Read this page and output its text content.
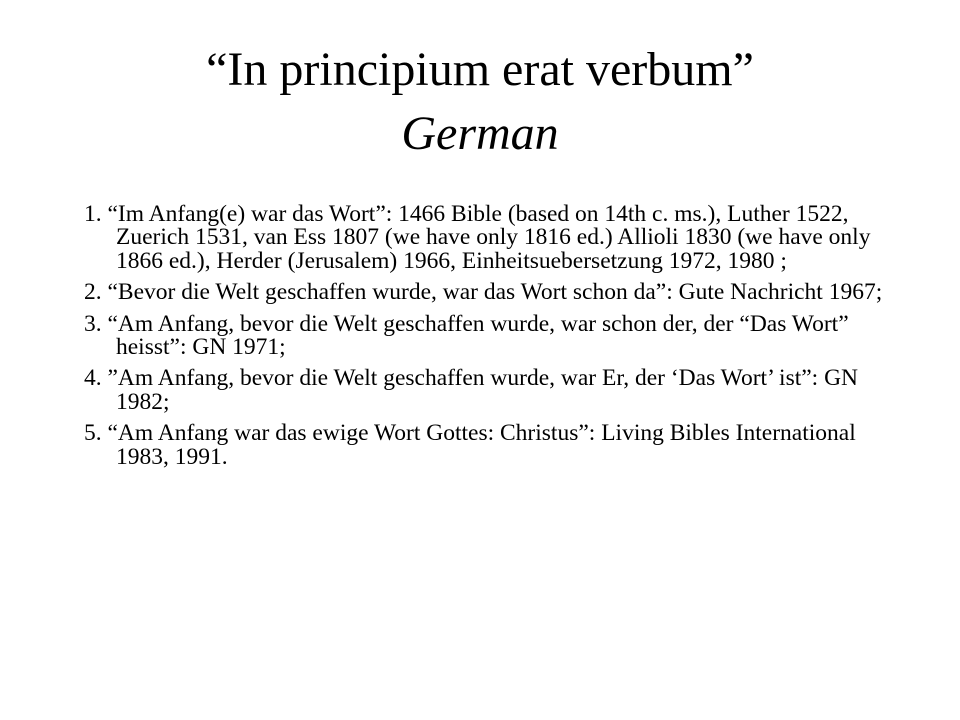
“In principium erat verbum”
German
1. “Im Anfang(e) war das Wort”: 1466 Bible (based on 14th c. ms.), Luther 1522, Zuerich 1531, van Ess 1807 (we have only 1816 ed.) Allioli 1830 (we have only 1866 ed.), Herder (Jerusalem) 1966, Einheitsuebersetzung 1972, 1980 ;
2. “Bevor die Welt geschaffen wurde, war das Wort schon da”: Gute Nachricht 1967;
3. “Am Anfang, bevor die Welt geschaffen wurde, war schon der, der “Das Wort” heisst”: GN 1971;
4. ”Am Anfang, bevor die Welt geschaffen wurde, war Er, der ‘Das Wort’ ist”: GN 1982;
5. “Am Anfang war das ewige Wort Gottes: Christus”: Living Bibles International 1983, 1991.
